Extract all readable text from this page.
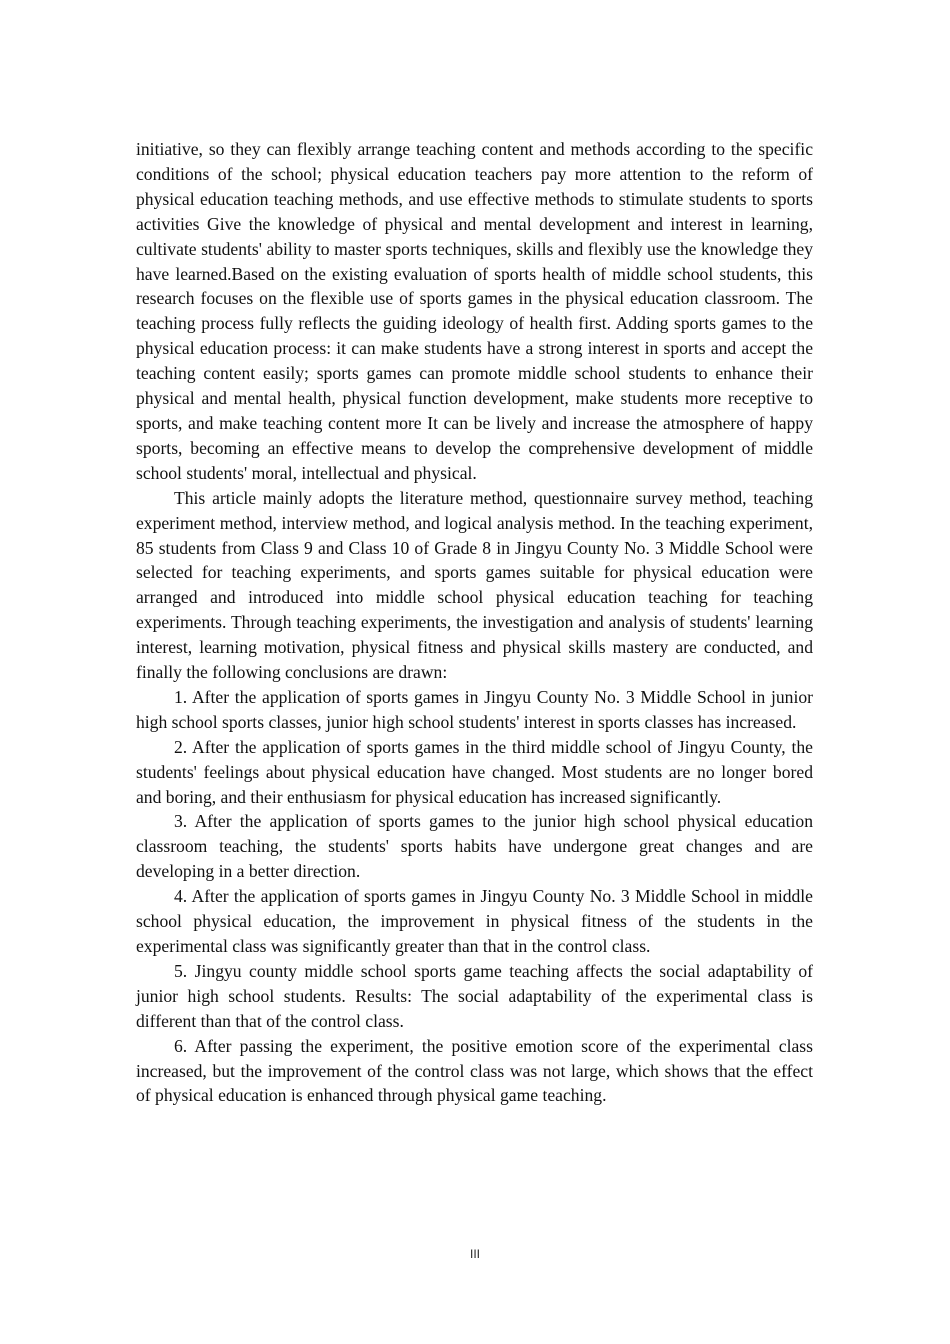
initiative, so they can flexibly arrange teaching content and methods according to the specific conditions of the school; physical education teachers pay more attention to the reform of physical education teaching methods, and use effective methods to stimulate students to sports activities Give the knowledge of physical and mental development and interest in learning, cultivate students' ability to master sports techniques, skills and flexibly use the knowledge they have learned.Based on the existing evaluation of sports health of middle school students, this research focuses on the flexible use of sports games in the physical education classroom. The teaching process fully reflects the guiding ideology of health first. Adding sports games to the physical education process: it can make students have a strong interest in sports and accept the teaching content easily; sports games can promote middle school students to enhance their physical and mental health, physical function development, make students more receptive to sports, and make teaching content more It can be lively and increase the atmosphere of happy sports, becoming an effective means to develop the comprehensive development of middle school students' moral, intellectual and physical.

This article mainly adopts the literature method, questionnaire survey method, teaching experiment method, interview method, and logical analysis method. In the teaching experiment, 85 students from Class 9 and Class 10 of Grade 8 in Jingyu County No. 3 Middle School were selected for teaching experiments, and sports games suitable for physical education were arranged and introduced into middle school physical education teaching for teaching experiments. Through teaching experiments, the investigation and analysis of students' learning interest, learning motivation, physical fitness and physical skills mastery are conducted, and finally the following conclusions are drawn:

1. After the application of sports games in Jingyu County No. 3 Middle School in junior high school sports classes, junior high school students' interest in sports classes has increased.

2. After the application of sports games in the third middle school of Jingyu County, the students' feelings about physical education have changed. Most students are no longer bored and boring, and their enthusiasm for physical education has increased significantly.

3. After the application of sports games to the junior high school physical education classroom teaching, the students' sports habits have undergone great changes and are developing in a better direction.

4. After the application of sports games in Jingyu County No. 3 Middle School in middle school physical education, the improvement in physical fitness of the students in the experimental class was significantly greater than that in the control class.

5. Jingyu county middle school sports game teaching affects the social adaptability of junior high school students. Results: The social adaptability of the experimental class is different than that of the control class.

6. After passing the experiment, the positive emotion score of the experimental class increased, but the improvement of the control class was not large, which shows that the effect of physical education is enhanced through physical game teaching.

III
